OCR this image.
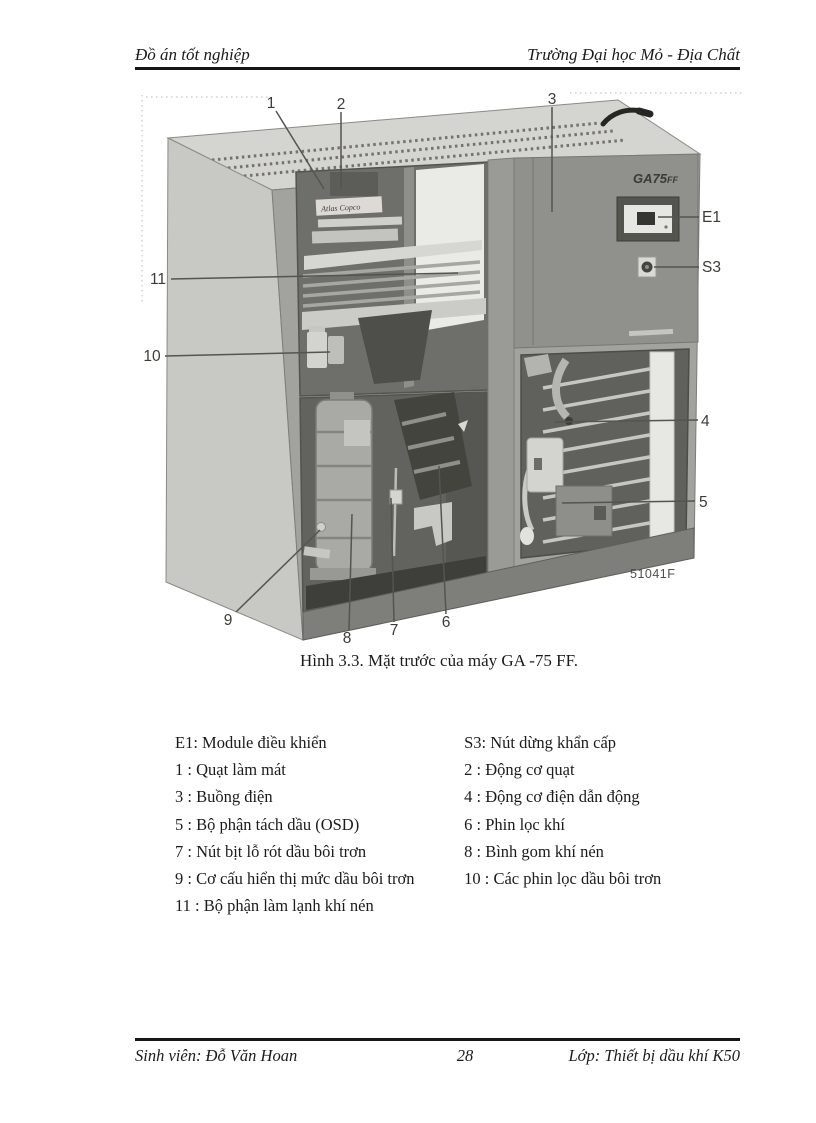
Đồ án tốt nghiệp	Trường Đại học Mỏ - Địa Chất
Atlas Copco
GA75FF
51041F
1	2	3
E1
S3
11
10
4
5
9
8 7	6
Hình 3.3. Mặt trước của máy GA -75 FF.
E1: Module điều khiển	S3: Nút dừng khẩn cấp
1 : Quạt làm mát	2 : Động cơ quạt
3 : Buồng điện	4 : Động cơ điện dẫn động
5 : Bộ phận tách dầu (OSD)	6 : Phin lọc khí
7 : Nút bịt lỗ rót dầu bôi trơn	8 : Bình gom khí nén
9 : Cơ cấu hiển thị mức dầu bôi trơn	10 : Các phin lọc dầu bôi trơn
11 : Bộ phận làm lạnh khí nén
Sinh viên: Đỗ Văn Hoan	28	Lớp: Thiết bị dầu khí K50
